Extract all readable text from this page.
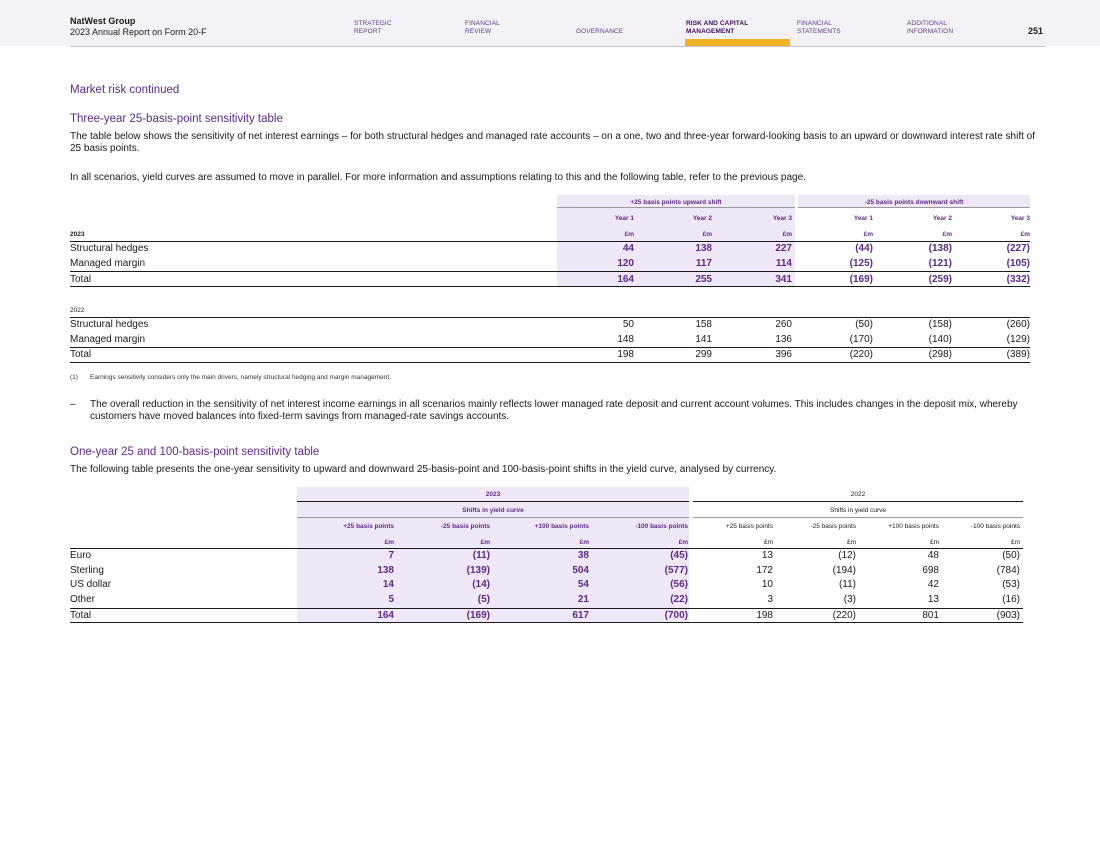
NatWest Group
2023 Annual Report on Form 20-F
STRATEGIC
REPORT
FINANCIAL
REVIEW	GOVERNANCE
RISK AND CAPITAL
MANAGEMENT
FINANCIAL
STATEMENTS
ADDITIONAL
INFORMATION	251
Market risk continued
Three-year 25-basis-point sensitivity table
The table below shows the sensitivity of net interest earnings – for both structural hedges and managed rate accounts – on a one, two and three-year forward-looking basis to an upward or downward interest rate shift of 25 basis points.
In all scenarios, yield curves are assumed to move in parallel. For more information and assumptions relating to this and the following table, refer to the previous page.
+25 basis points upward shift	-25 basis points downward shift
Year 1
£m
Year 2
£m
Year 3
£m
Year 1
£m
Year 2
£m
Year 3
£m
2023
Structural hedges	44	138	227	(44)	(138)	(227)
Managed margin	120	117	114	(125)	(121)	(105)
Total	164	255	341	(169)	(259)	(332)
2022
Structural hedges	50	158	260	(50)	(158)	(260)
Managed margin	148	141	136	(170)	(140)	(129)
Total	198	299	396	(220)	(298)	(389)
(1) Earnings sensitivity considers only the main drivers, namely structural hedging and margin management.
– The overall reduction in the sensitivity of net interest income earnings in all scenarios mainly reflects lower managed rate deposit and current account volumes. This includes changes in the deposit mix, whereby customers have moved balances into fixed-term savings from managed-rate savings accounts.
One-year 25 and 100-basis-point sensitivity table
The following table presents the one-year sensitivity to upward and downward 25-basis-point and 100-basis-point shifts in the yield curve, analysed by currency.
2023	2022
Shifts in yield curve	Shifts in yield curve
+25 basis points
£m
-25 basis points
£m
+100 basis points
£m
-100 basis points
£m
+25 basis points
£m
-25 basis points
£m
+100 basis points
£m
-100 basis points
£m
Euro	7	(11)	38	(45)	13	(12)	48	(50)
Sterling	138	(139)	504	(577)	172	(194)	698	(784)
US dollar	14	(14)	54	(56)	10	(11)	42	(53)
Other	5	(5)	21	(22)	3	(3)	13	(16)
Total	164	(169)	617	(700)	198	(220)	801	(903)
